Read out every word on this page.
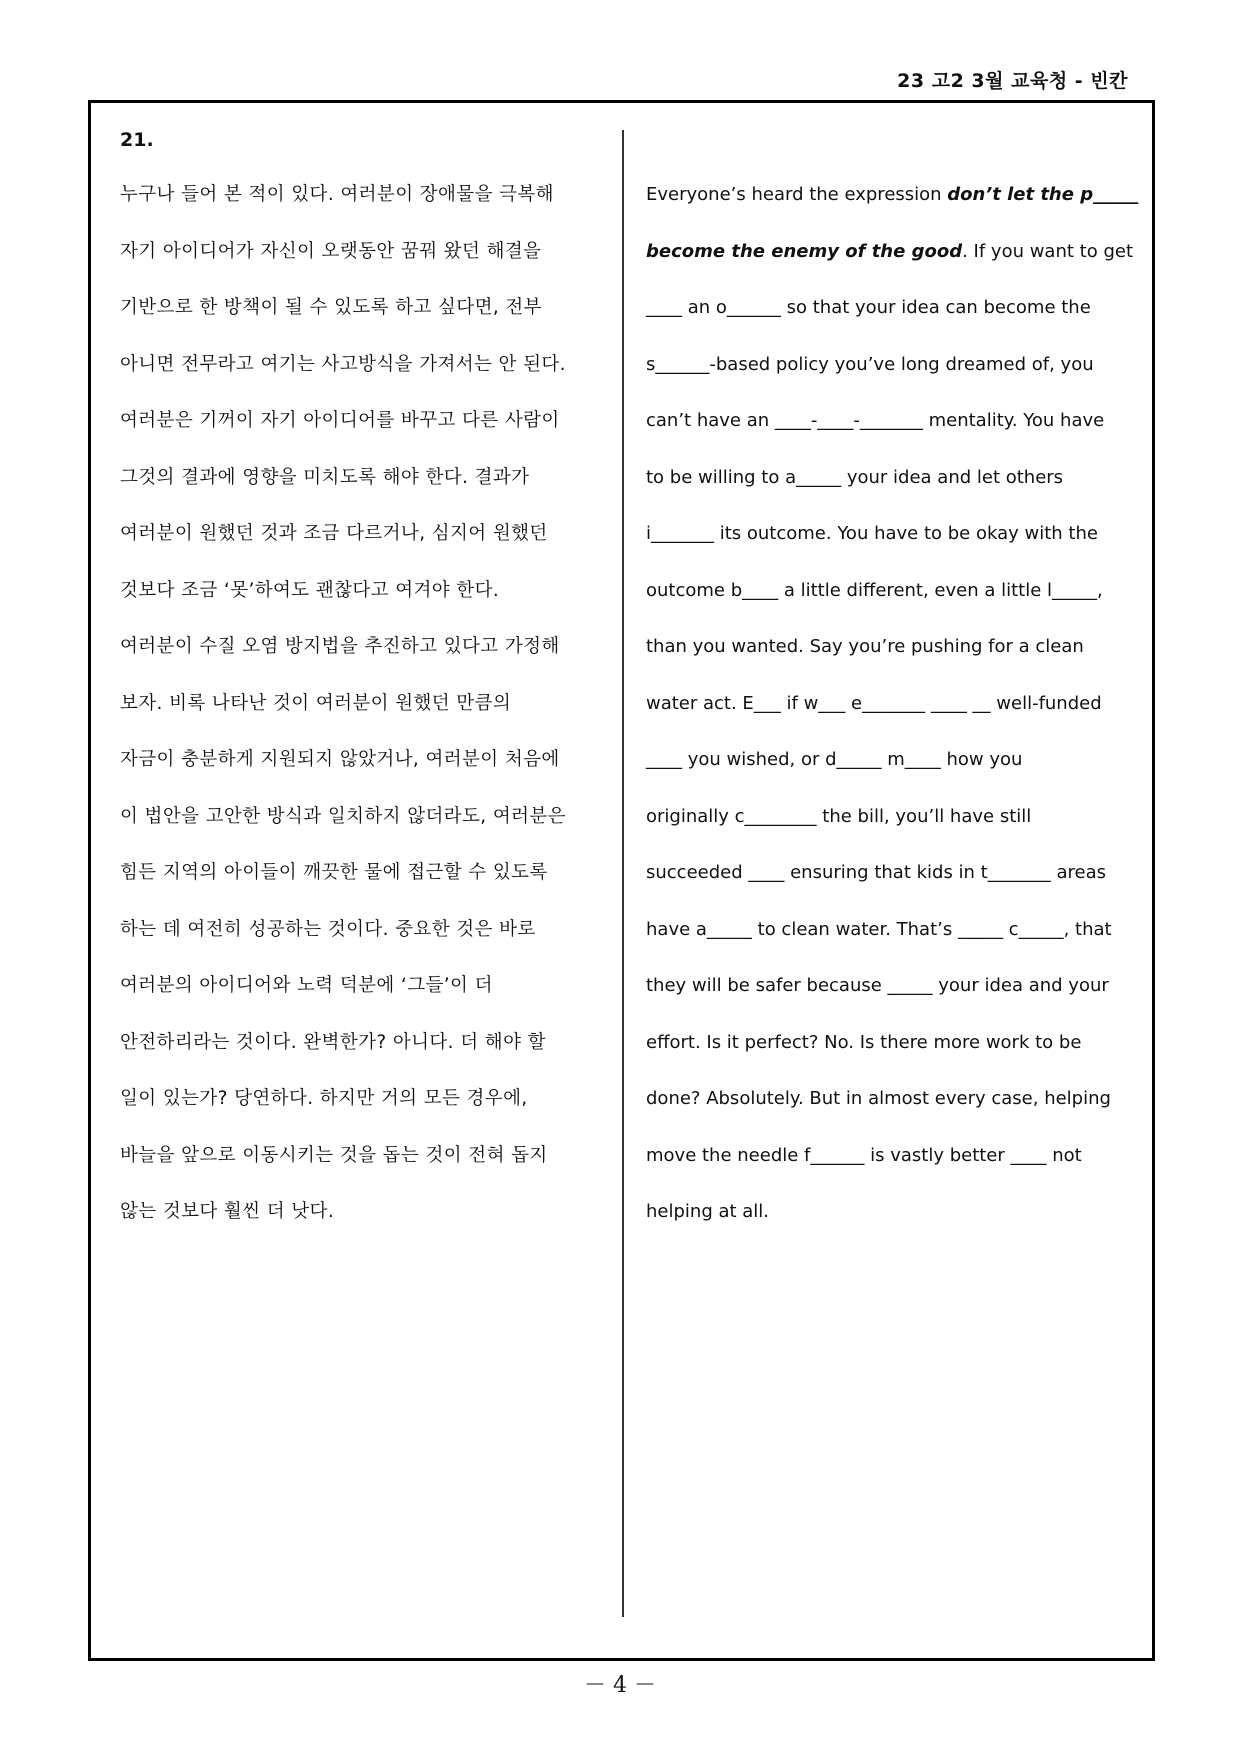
23 고2 3월 교육청 - 빈칸
21.
누구나 들어 본 적이 있다. 여러분이 장애물을 극복해
자기 아이디어가 자신이 오랫동안 꿈꿔 왔던 해결을
기반으로 한 방책이 될 수 있도록 하고 싶다면, 전부
아니면 전무라고 여기는 사고방식을 가져서는 안 된다.
여러분은 기꺼이 자기 아이디어를 바꾸고 다른 사람이
그것의 결과에 영향을 미치도록 해야 한다. 결과가
여러분이 원했던 것과 조금 다르거나, 심지어 원했던
것보다 조금 ‘못’하여도 괜찮다고 여겨야 한다.
여러분이 수질 오염 방지법을 추진하고 있다고 가정해
보자. 비록 나타난 것이 여러분이 원했던 만큼의
자금이 충분하게 지원되지 않았거나, 여러분이 처음에
이 법안을 고안한 방식과 일치하지 않더라도, 여러분은
힘든 지역의 아이들이 깨끗한 물에 접근할 수 있도록
하는 데 여전히 성공하는 것이다. 중요한 것은 바로
여러분의 아이디어와 노력 덕분에 ‘그들’이 더
안전하리라는 것이다. 완벽한가? 아니다. 더 해야 할
일이 있는가? 당연하다. 하지만 거의 모든 경우에,
바늘을 앞으로 이동시키는 것을 돕는 것이 전혀 돕지
않는 것보다 훨씬 더 낫다.
Everyone’s heard the expression don’t let the p_____
become the enemy of the good . If you want to get
____ an o______ so that your idea can become the
s______-based policy you’ve long dreamed of, you
can’t have an ____-____-_______ mentality. You have
to be willing to a_____ your idea and let others
i_______ its outcome. You have to be okay with the
outcome b____ a little different, even a little l_____,
than you wanted. Say you’re pushing for a clean
water act. E___ if w___ e_______ ____ __ well-funded
____ you wished, or d_____ m____ how you
originally c________ the bill, you’ll have still
succeeded ____ ensuring that kids in t_______ areas
have a_____ to clean water. That’s _____ c_____, that
they will be safer because _____ your idea and your
effort. Is it perfect? No. Is there more work to be
done? Absolutely. But in almost every case, helping
move the needle f______ is vastly better ____ not
helping at all.
－ 4 －
